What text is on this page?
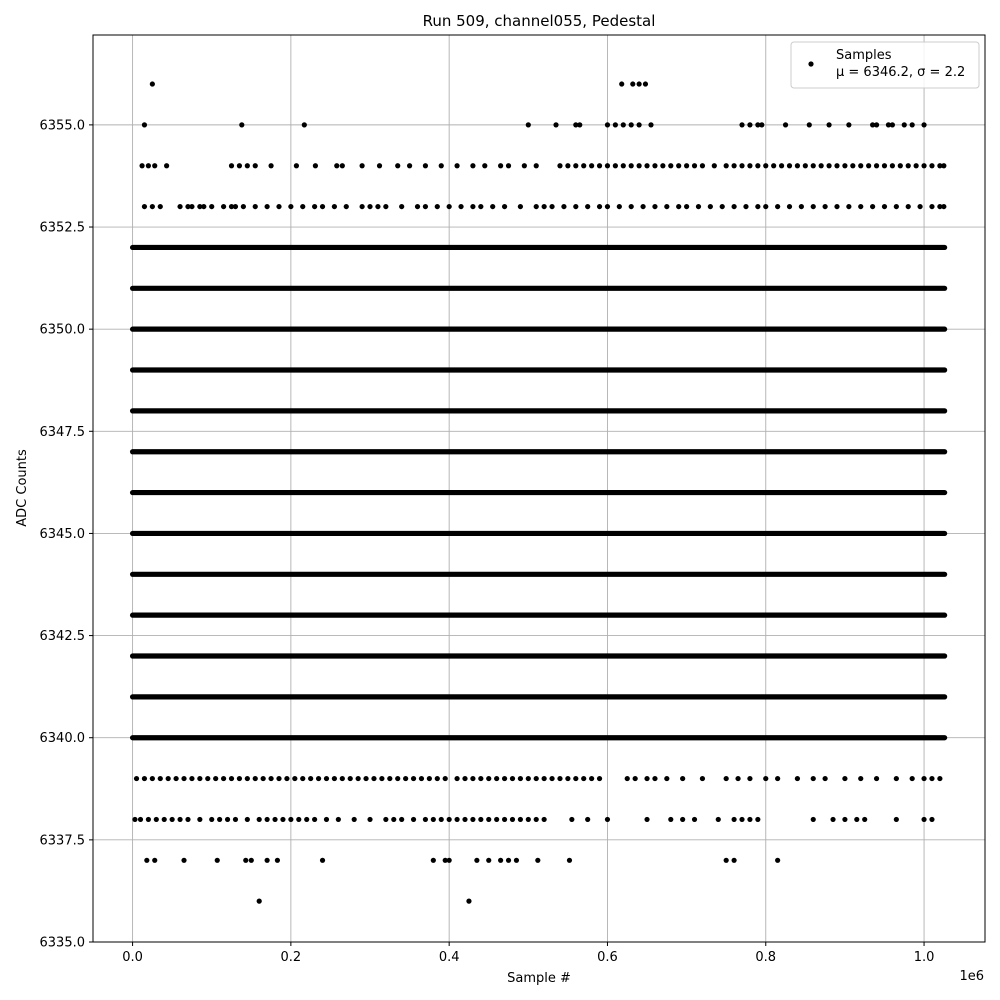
0.0	0.2	0.4	0.6	0.8	1.0
6335.0
6337.5
6340.0
6342.5
6345.0
6347.5
6350.0
6352.5
6355.0
Run 509, channel055, Pedestal
Sample #
ADC Counts
1e6
Samples
μ = 6346.2, σ = 2.2
